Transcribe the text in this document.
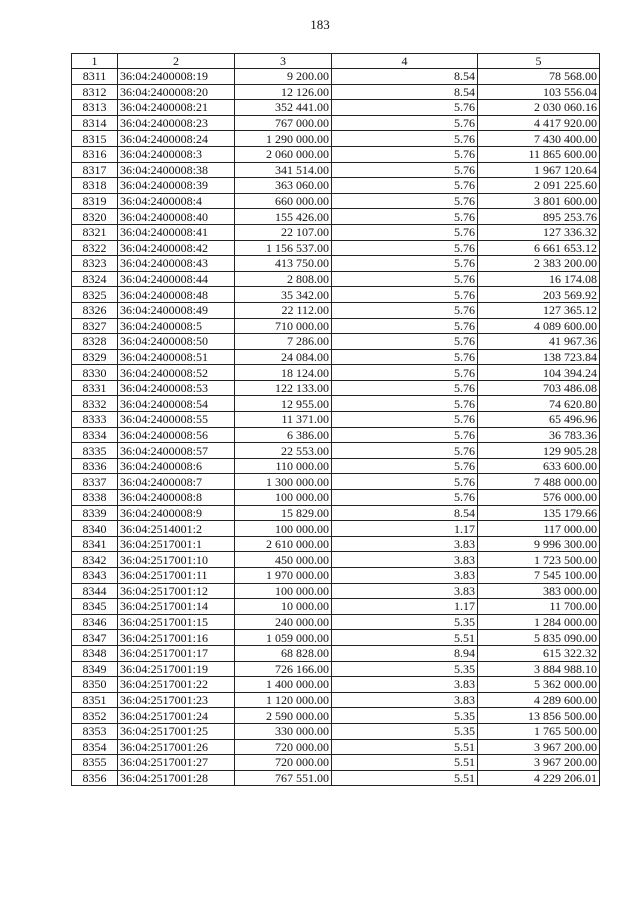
183
1	2	3	4	5
8311	36:04:2400008:19	9 200.00	8.54	78 568.00
8312	36:04:2400008:20	12 126.00	8.54	103 556.04
8313	36:04:2400008:21	352 441.00	5.76	2 030 060.16
8314	36:04:2400008:23	767 000.00	5.76	4 417 920.00
8315	36:04:2400008:24	1 290 000.00	5.76	7 430 400.00
8316	36:04:2400008:3	2 060 000.00	5.76	11 865 600.00
8317	36:04:2400008:38	341 514.00	5.76	1 967 120.64
8318	36:04:2400008:39	363 060.00	5.76	2 091 225.60
8319	36:04:2400008:4	660 000.00	5.76	3 801 600.00
8320	36:04:2400008:40	155 426.00	5.76	895 253.76
8321	36:04:2400008:41	22 107.00	5.76	127 336.32
8322	36:04:2400008:42	1 156 537.00	5.76	6 661 653.12
8323	36:04:2400008:43	413 750.00	5.76	2 383 200.00
8324	36:04:2400008:44	2 808.00	5.76	16 174.08
8325	36:04:2400008:48	35 342.00	5.76	203 569.92
8326	36:04:2400008:49	22 112.00	5.76	127 365.12
8327	36:04:2400008:5	710 000.00	5.76	4 089 600.00
8328	36:04:2400008:50	7 286.00	5.76	41 967.36
8329	36:04:2400008:51	24 084.00	5.76	138 723.84
8330	36:04:2400008:52	18 124.00	5.76	104 394.24
8331	36:04:2400008:53	122 133.00	5.76	703 486.08
8332	36:04:2400008:54	12 955.00	5.76	74 620.80
8333	36:04:2400008:55	11 371.00	5.76	65 496.96
8334	36:04:2400008:56	6 386.00	5.76	36 783.36
8335	36:04:2400008:57	22 553.00	5.76	129 905.28
8336	36:04:2400008:6	110 000.00	5.76	633 600.00
8337	36:04:2400008:7	1 300 000.00	5.76	7 488 000.00
8338	36:04:2400008:8	100 000.00	5.76	576 000.00
8339	36:04:2400008:9	15 829.00	8.54	135 179.66
8340	36:04:2514001:2	100 000.00	1.17	117 000.00
8341	36:04:2517001:1	2 610 000.00	3.83	9 996 300.00
8342	36:04:2517001:10	450 000.00	3.83	1 723 500.00
8343	36:04:2517001:11	1 970 000.00	3.83	7 545 100.00
8344	36:04:2517001:12	100 000.00	3.83	383 000.00
8345	36:04:2517001:14	10 000.00	1.17	11 700.00
8346	36:04:2517001:15	240 000.00	5.35	1 284 000.00
8347	36:04:2517001:16	1 059 000.00	5.51	5 835 090.00
8348	36:04:2517001:17	68 828.00	8.94	615 322.32
8349	36:04:2517001:19	726 166.00	5.35	3 884 988.10
8350	36:04:2517001:22	1 400 000.00	3.83	5 362 000.00
8351	36:04:2517001:23	1 120 000.00	3.83	4 289 600.00
8352	36:04:2517001:24	2 590 000.00	5.35	13 856 500.00
8353	36:04:2517001:25	330 000.00	5.35	1 765 500.00
8354	36:04:2517001:26	720 000.00	5.51	3 967 200.00
8355	36:04:2517001:27	720 000.00	5.51	3 967 200.00
8356	36:04:2517001:28	767 551.00	5.51	4 229 206.01
